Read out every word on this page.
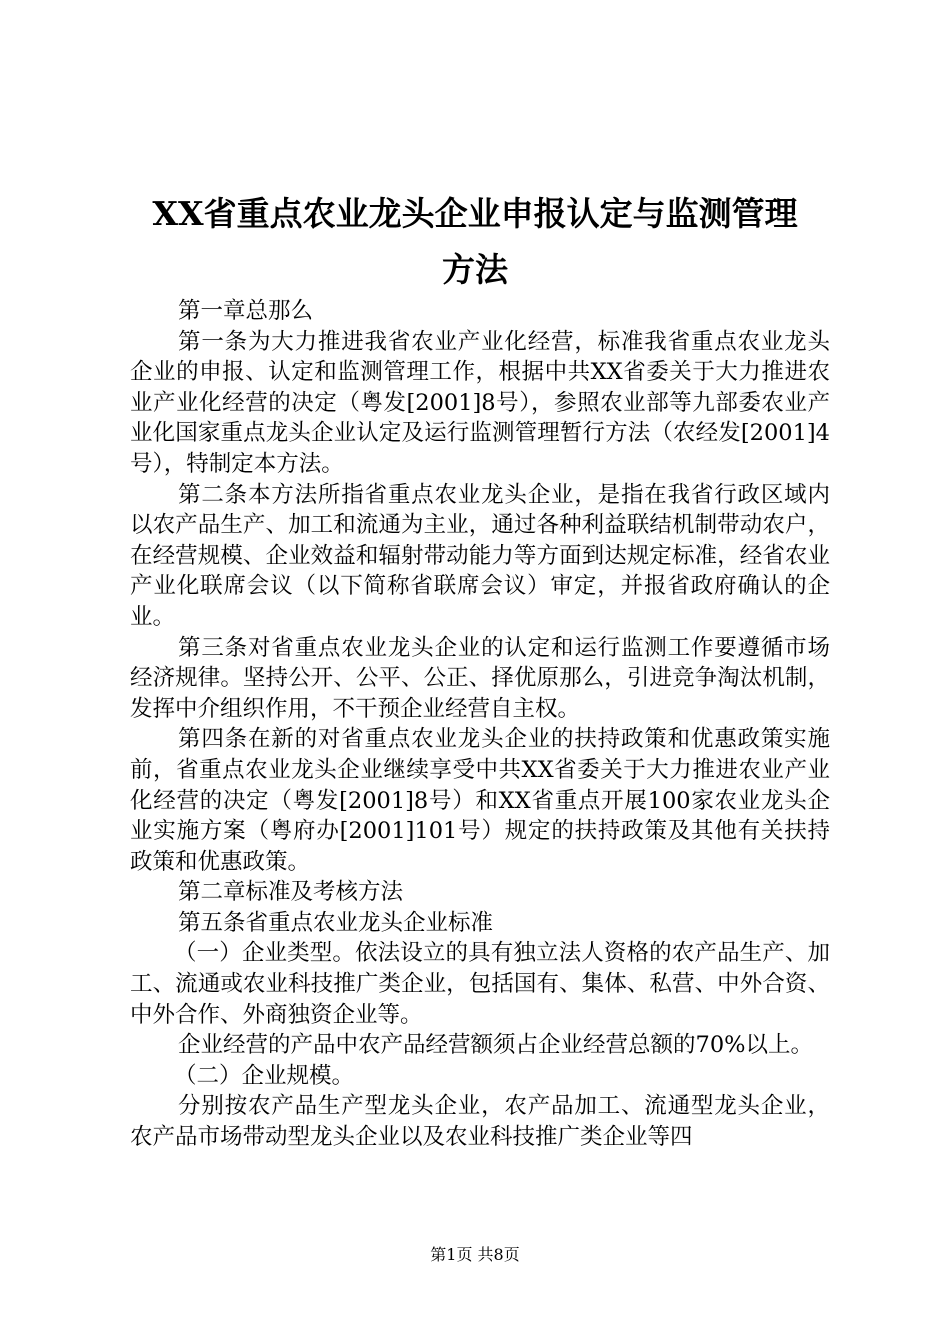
XX省重点农业龙头企业申报认定与监测管理
方法

第一章总那么

第一条为大力推进我省农业产业化经营，标准我省重点农业龙头企业的申报、认定和监测管理工作，根据中共XX省委关于大力推进农业产业化经营的决定（粤发[2001]8号），参照农业部等九部委农业产业化国家重点龙头企业认定及运行监测管理暂行方法（农经发[2001]4号），特制定本方法。

第二条本方法所指省重点农业龙头企业，是指在我省行政区域内以农产品生产、加工和流通为主业，通过各种利益联结机制带动农户，在经营规模、企业效益和辐射带动能力等方面到达规定标准，经省农业产业化联席会议（以下简称省联席会议）审定，并报省政府确认的企业。

第三条对省重点农业龙头企业的认定和运行监测工作要遵循市场经济规律。坚持公开、公平、公正、择优原那么，引进竞争淘汰机制，发挥中介组织作用，不干预企业经营自主权。

第四条在新的对省重点农业龙头企业的扶持政策和优惠政策实施前，省重点农业龙头企业继续享受中共XX省委关于大力推进农业产业化经营的决定（粤发[2001]8号）和XX省重点开展100家农业龙头企业实施方案（粤府办[2001]101号）规定的扶持政策及其他有关扶持政策和优惠政策。

第二章标准及考核方法

第五条省重点农业龙头企业标准

（一）企业类型。依法设立的具有独立法人资格的农产品生产、加工、流通或农业科技推广类企业，包括国有、集体、私营、中外合资、中外合作、外商独资企业等。

企业经营的产品中农产品经营额须占企业经营总额的70%以上。

（二）企业规模。

分别按农产品生产型龙头企业，农产品加工、流通型龙头企业，农产品市场带动型龙头企业以及农业科技推广类企业等四

第1页 共8页
